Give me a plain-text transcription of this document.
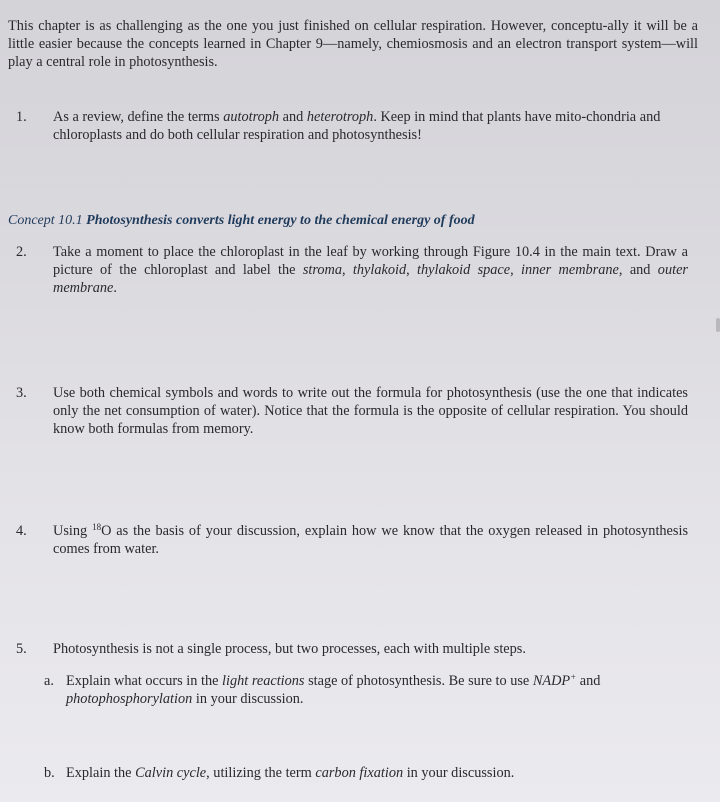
This chapter is as challenging as the one you just finished on cellular respiration. However, conceptu-ally it will be a little easier because the concepts learned in Chapter 9—namely, chemiosmosis and an electron transport system—will play a central role in photosynthesis.
1. As a review, define the terms autotroph and heterotroph. Keep in mind that plants have mito-chondria and chloroplasts and do both cellular respiration and photosynthesis!
Concept 10.1 Photosynthesis converts light energy to the chemical energy of food
2. Take a moment to place the chloroplast in the leaf by working through Figure 10.4 in the main text. Draw a picture of the chloroplast and label the stroma, thylakoid, thylakoid space, inner membrane, and outer membrane.
3. Use both chemical symbols and words to write out the formula for photosynthesis (use the one that indicates only the net consumption of water). Notice that the formula is the opposite of cellular respiration. You should know both formulas from memory.
4. Using $^{18}$O as the basis of your discussion, explain how we know that the oxygen released in photosynthesis comes from water.
5. Photosynthesis is not a single process, but two processes, each with multiple steps.
a. Explain what occurs in the light reactions stage of photosynthesis. Be sure to use NADP+ and photophosphorylation in your discussion.
b. Explain the Calvin cycle, utilizing the term carbon fixation in your discussion.
